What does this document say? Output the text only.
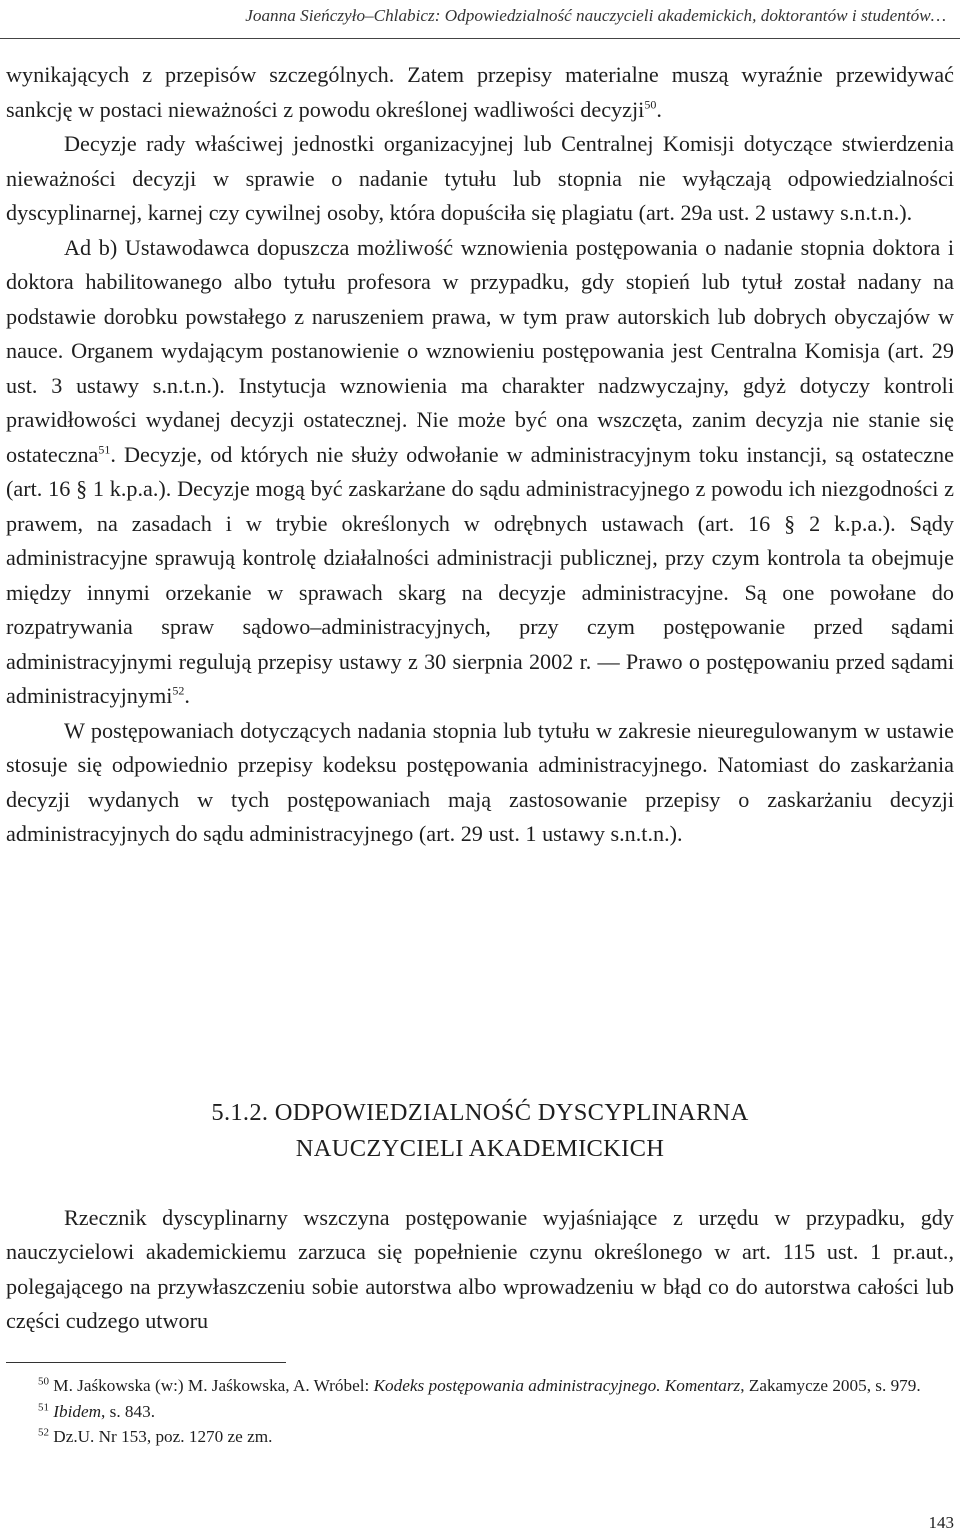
Joanna Sieńczyło–Chlabicz: Odpowiedzialność nauczycieli akademickich, doktorantów i studentów…

wynikających z przepisów szczególnych. Zatem przepisy materialne muszą wyraźnie przewidywać sankcję w postaci nieważności z powodu określonej wadliwości decyzji$^{50}$.

Decyzje rady właściwej jednostki organizacyjnej lub Centralnej Komisji dotyczące stwierdzenia nieważności decyzji w sprawie o nadanie tytułu lub stopnia nie wyłączają odpowiedzialności dyscyplinarnej, karnej czy cywilnej osoby, która dopuściła się plagiatu (art. 29a ust. 2 ustawy s.n.t.n.).

Ad b) Ustawodawca dopuszcza możliwość wznowienia postępowania o nadanie stopnia doktora i doktora habilitowanego albo tytułu profesora w przypadku, gdy stopień lub tytuł został nadany na podstawie dorobku powstałego z naruszeniem prawa, w tym praw autorskich lub dobrych obyczajów w nauce. Organem wydającym postanowienie o wznowieniu postępowania jest Centralna Komisja (art. 29 ust. 3 ustawy s.n.t.n.). Instytucja wznowienia ma charakter nadzwyczajny, gdyż dotyczy kontroli prawidłowości wydanej decyzji ostatecznej. Nie może być ona wszczęta, zanim decyzja nie stanie się ostateczna$^{51}$. Decyzje, od których nie służy odwołanie w administracyjnym toku instancji, są ostateczne (art. 16 § 1 k.p.a.). Decyzje mogą być zaskarżane do sądu administracyjnego z powodu ich niezgodności z prawem, na zasadach i w trybie określonych w odrębnych ustawach (art. 16 § 2 k.p.a.). Sądy administracyjne sprawują kontrolę działalności administracji publicznej, przy czym kontrola ta obejmuje między innymi orzekanie w sprawach skarg na decyzje administracyjne. Są one powołane do rozpatrywania spraw sądowo–administracyjnych, przy czym postępowanie przed sądami administracyjnymi regulują przepisy ustawy z 30 sierpnia 2002 r. — Prawo o postępowaniu przed sądami administracyjnymi$^{52}$.

W postępowaniach dotyczących nadania stopnia lub tytułu w zakresie nieuregulowanym w ustawie stosuje się odpowiednio przepisy kodeksu postępowania administracyjnego. Natomiast do zaskarżania decyzji wydanych w tych postępowaniach mają zastosowanie przepisy o zaskarżaniu decyzji administracyjnych do sądu administracyjnego (art. 29 ust. 1 ustawy s.n.t.n.).

5.1.2. ODPOWIEDZIALNOŚĆ DYSCYPLINARNA
NAUCZYCIELI AKADEMICKICH

Rzecznik dyscyplinarny wszczyna postępowanie wyjaśniające z urzędu w przypadku, gdy nauczycielowi akademickiemu zarzuca się popełnienie czynu określonego w art. 115 ust. 1 pr.aut., polegającego na przywłaszczeniu sobie autorstwa albo wprowadzeniu w błąd co do autorstwa całości lub części cudzego utworu

$^{50}$ M. Jaśkowska (w:) M. Jaśkowska, A. Wróbel: Kodeks postępowania administracyjnego. Komentarz, Zakamycze 2005, s. 979.

$^{51}$ Ibidem, s. 843.

$^{52}$ Dz.U. Nr 153, poz. 1270 ze zm.

143
